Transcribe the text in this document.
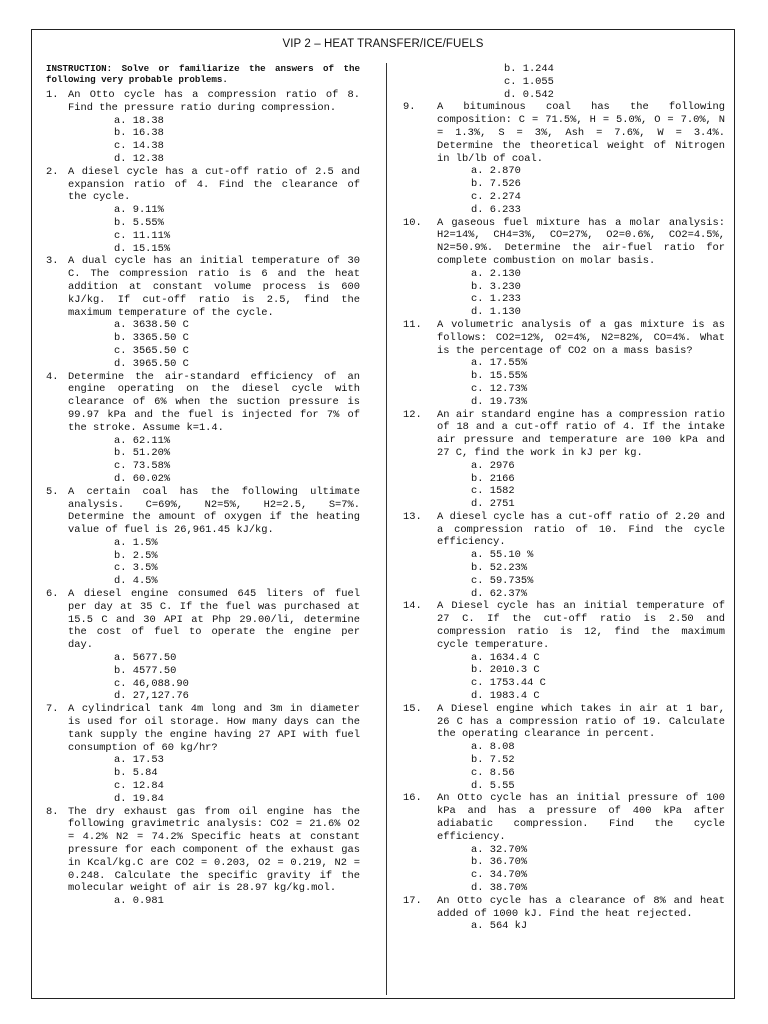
VIP 2 – HEAT TRANSFER/ICE/FUELS
INSTRUCTION: Solve or familiarize the answers of the following very probable problems.
1. An Otto cycle has a compression ratio of 8. Find the pressure ratio during compression.
a. 18.38
b. 16.38
c. 14.38
d. 12.38
2. A diesel cycle has a cut-off ratio of 2.5 and expansion ratio of 4. Find the clearance of the cycle.
a. 9.11%
b. 5.55%
c. 11.11%
d. 15.15%
3. A dual cycle has an initial temperature of 30 C. The compression ratio is 6 and the heat addition at constant volume process is 600 kJ/kg. If cut-off ratio is 2.5, find the maximum temperature of the cycle.
a. 3638.50 C
b. 3365.50 C
c. 3565.50 C
d. 3965.50 C
4. Determine the air-standard efficiency of an engine operating on the diesel cycle with clearance of 6% when the suction pressure is 99.97 kPa and the fuel is injected for 7% of the stroke. Assume k=1.4.
a. 62.11%
b. 51.20%
c. 73.58%
d. 60.02%
5. A certain coal has the following ultimate analysis. C=69%, N2=5%, H2=2.5, S=7%. Determine the amount of oxygen if the heating value of fuel is 26,961.45 kJ/kg.
a. 1.5%
b. 2.5%
c. 3.5%
d. 4.5%
6. A diesel engine consumed 645 liters of fuel per day at 35 C. If the fuel was purchased at 15.5 C and 30 API at Php 29.00/li, determine the cost of fuel to operate the engine per day.
a. 5677.50
b. 4577.50
c. 46,088.90
d. 27,127.76
7. A cylindrical tank 4m long and 3m in diameter is used for oil storage. How many days can the tank supply the engine having 27 API with fuel consumption of 60 kg/hr?
a. 17.53
b. 5.84
c. 12.84
d. 19.84
8. The dry exhaust gas from oil engine has the following gravimetric analysis: CO2 = 21.6% O2 = 4.2% N2 = 74.2% Specific heats at constant pressure for each component of the exhaust gas in Kcal/kg.C are CO2 = 0.203, O2 = 0.219, N2 = 0.248. Calculate the specific gravity if the molecular weight of air is 28.97 kg/kg.mol.
a. 0.981
b. 1.244
c. 1.055
d. 0.542
9.	A bituminous coal has the following composition: C = 71.5%, H = 5.0%, O = 7.0%, N = 1.3%, S = 3%, Ash = 7.6%, W = 3.4%. Determine the theoretical weight of Nitrogen in lb/lb of coal.
a. 2.870
b. 7.526
c. 2.274
d. 6.233
10.	A gaseous fuel mixture has a molar analysis: H2=14%, CH4=3%, CO=27%, O2=0.6%, CO2=4.5%, N2=50.9%. Determine the air-fuel ratio for complete combustion on molar basis.
a. 2.130
b. 3.230
c. 1.233
d. 1.130
11.	A volumetric analysis of a gas mixture is as follows: CO2=12%, O2=4%, N2=82%, CO=4%. What is the percentage of CO2 on a mass basis?
a. 17.55%
b. 15.55%
c. 12.73%
d. 19.73%
12.	An air standard engine has a compression ratio of 18 and a cut-off ratio of 4. If the intake air pressure and temperature are 100 kPa and 27 C, find the work in kJ per kg.
a. 2976
b. 2166
c. 1582
d. 2751
13.	A diesel cycle has a cut-off ratio of 2.20 and a compression ratio of 10. Find the cycle efficiency.
a. 55.10 %
b. 52.23%
c. 59.735%
d. 62.37%
14.	A Diesel cycle has an initial temperature of 27 C. If the cut-off ratio is 2.50 and compression ratio is 12, find the maximum cycle temperature.
a. 1634.4 C
b. 2010.3 C
c. 1753.44 C
d. 1983.4 C
15.	A Diesel engine which takes in air at 1 bar, 26 C has a compression ratio of 19. Calculate the operating clearance in percent.
a. 8.08
b. 7.52
c. 8.56
d. 5.55
16.	An Otto cycle has an initial pressure of 100 kPa and has a pressure of 400 kPa after adiabatic compression. Find the cycle efficiency.
a. 32.70%
b. 36.70%
c. 34.70%
d. 38.70%
17.	An Otto cycle has a clearance of 8% and heat added of 1000 kJ. Find the heat rejected.
a. 564 kJ
